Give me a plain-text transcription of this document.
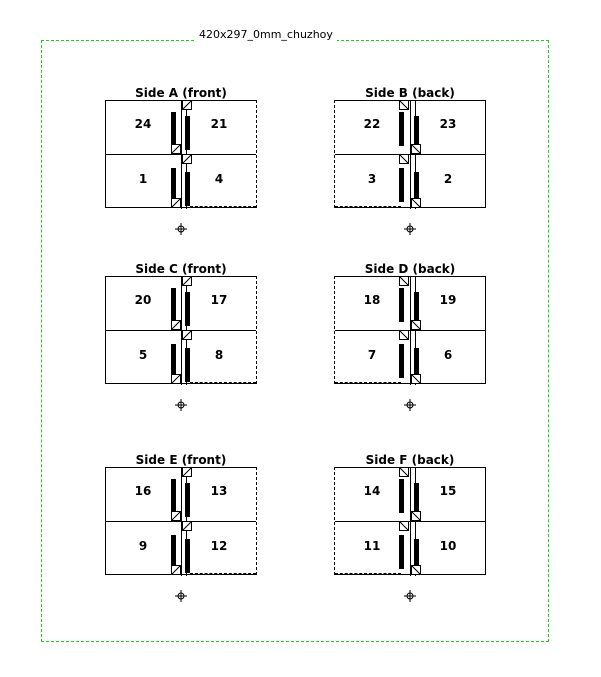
420x297_0mm_chuzhoy
Side A (front)
24	21
1	4
Side B (back)
22	23
3	2
Side C (front)
20	17
5	8
Side D (back)
18	19
7	6
Side E (front)
16	13
9	12
Side F (back)
14	15
11	10
